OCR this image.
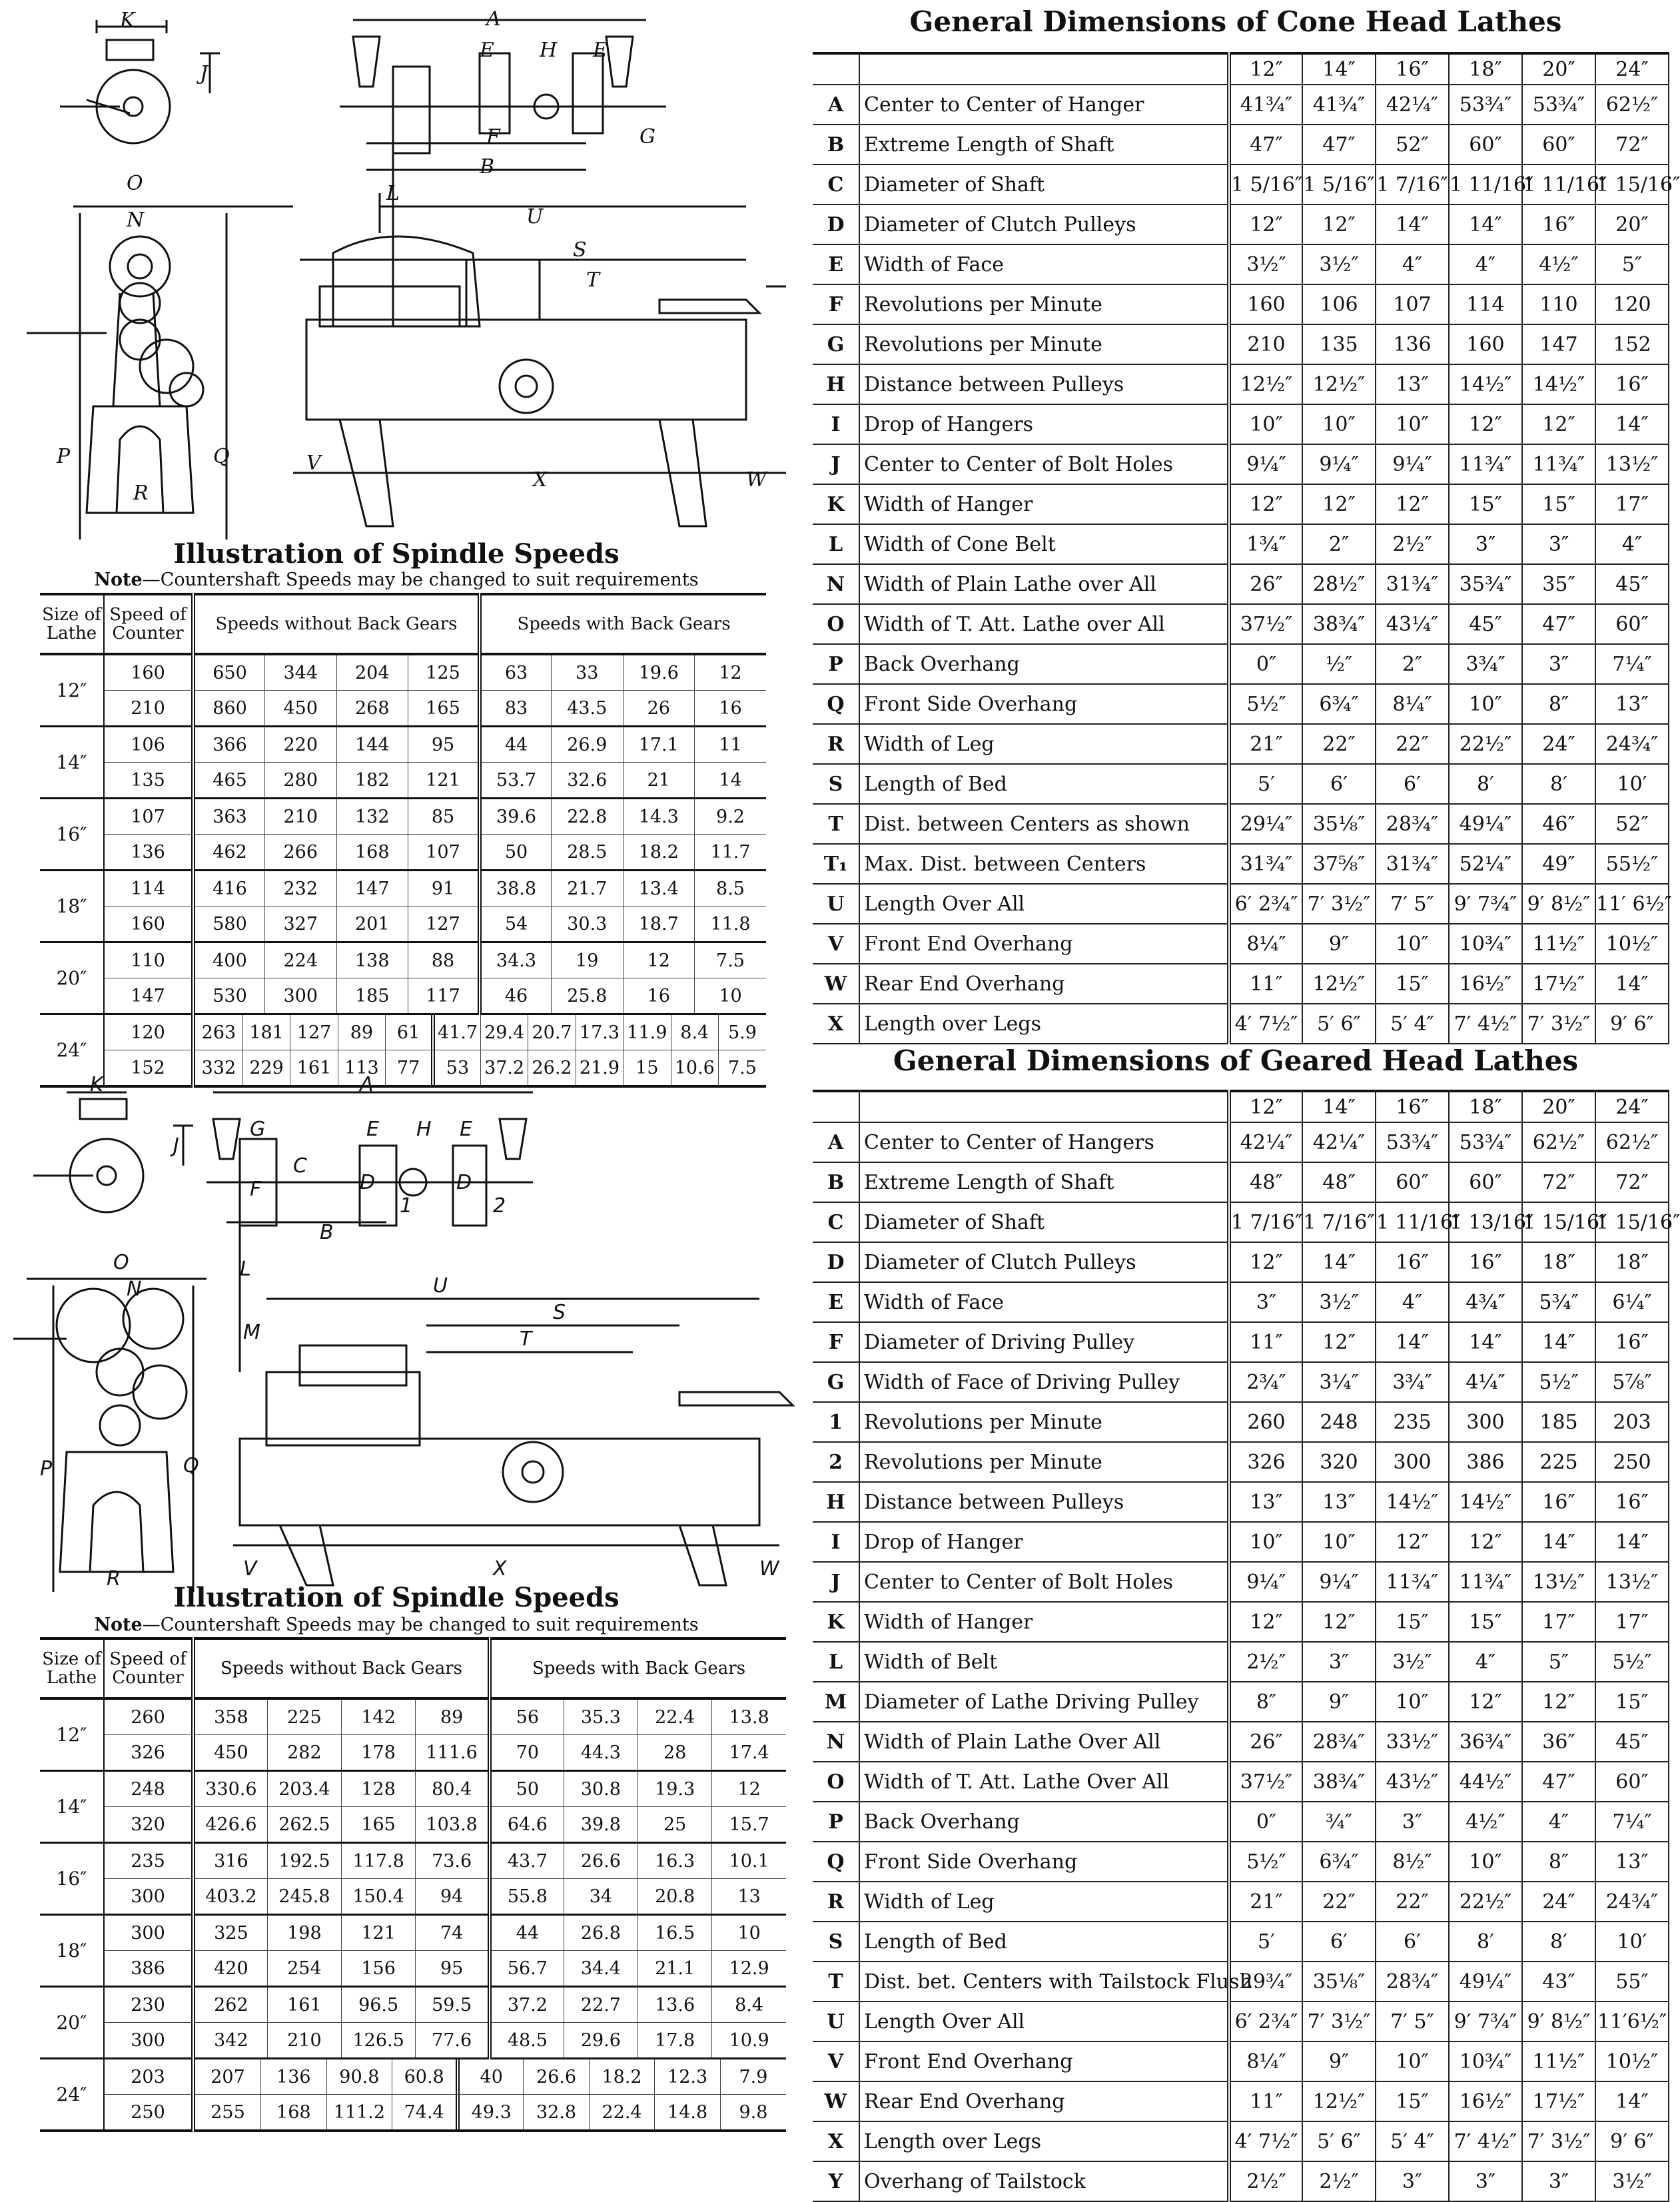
K
J
A
E H E
F	G
O
N
L
B
U
S
T
P	Q
R
V
X	W
Illustration of Spindle Speeds
Note—Countershaft Speeds may be changed to suit requirements
Size of Lathe	Speed of Counter	Speeds without Back Gears	Speeds with Back Gears
12″	160	650	344	204	125	63	33	19.6	12
210	860	450	268	165	83	43.5	26	16
14″	106	366	220	144	95	44	26.9	17.1	11
135	465	280	182	121	53.7	32.6	21	14
16″	107	363	210	132	85	39.6	22.8	14.3	9.2
136	462	266	168	107	50	28.5	18.2	11.7
18″	114	416	232	147	91	38.8	21.7	13.4	8.5
160	580	327	201	127	54	30.3	18.7	11.8
20″	110	400	224	138	88	34.3	19	12	7.5
147	530	300	185	117	46	25.8	16	10
24″	120	263	181	127	89	61	41.7	29.4	20.7	17.3	11.9	8.4	5.9

152	332	229	161	113	77	53	37.2	26.2	21.9	15	10.6	7.5
K
J
A
G	E H E
F
C
D	D
1	2
B
L
O
N	U
S
T
M
P	Q
R	V	X	W
Illustration of Spindle Speeds
Note—Countershaft Speeds may be changed to suit requirements
Size of Lathe	Speed of Counter	Speeds without Back Gears	Speeds with Back Gears
12″	260	358	225	142	89	56	35.3	22.4	13.8
326	450	282	178	111.6	70	44.3	28	17.4
14″	248	330.6	203.4	128	80.4	50	30.8	19.3	12
320	426.6	262.5	165	103.8	64.6	39.8	25	15.7
16″	235	316	192.5	117.8	73.6	43.7	26.6	16.3	10.1
300	403.2	245.8	150.4	94	55.8	34	20.8	13
18″	300	325	198	121	74	44	26.8	16.5	10
386	420	254	156	95	56.7	34.4	21.1	12.9
20″	230	262	161	96.5	59.5	37.2	22.7	13.6	8.4
300	342	210	126.5	77.6	48.5	29.6	17.8	10.9
24″	203		207	136	90.8	60.8	40	26.6	18.2	12.3	7.9

250		255	168	111.2	74.4	49.3	32.8	22.4	14.8	9.8
General Dimensions of Cone Head Lathes
		12″	14″	16″	18″	20″	24″
A	Center to Center of Hanger	41¾″	41¾″	42¼″	53¾″	53¾″	62½″
B	Extreme Length of Shaft	47″	47″	52″	60″	60″	72″
C	Diameter of Shaft	1 5/16″	1 5/16″	1 7/16″	1 11/16″	1 11/16″	1 15/16″
D	Diameter of Clutch Pulleys	12″	12″	14″	14″	16″	20″
E	Width of Face	3½″	3½″	4″	4″	4½″	5″
F	Revolutions per Minute	160	106	107	114	110	120
G	Revolutions per Minute	210	135	136	160	147	152
H	Distance between Pulleys	12½″	12½″	13″	14½″	14½″	16″
I	Drop of Hangers	10″	10″	10″	12″	12″	14″
J	Center to Center of Bolt Holes	9¼″	9¼″	9¼″	11¾″	11¾″	13½″
K	Width of Hanger	12″	12″	12″	15″	15″	17″
L	Width of Cone Belt	1¾″	2″	2½″	3″	3″	4″
N	Width of Plain Lathe over All	26″	28½″	31¾″	35¾″	35″	45″
O	Width of T. Att. Lathe over All	37½″	38¾″	43¼″	45″	47″	60″
P	Back Overhang	0″	½″	2″	3¾″	3″	7¼″
Q	Front Side Overhang	5½″	6¾″	8¼″	10″	8″	13″
R	Width of Leg	21″	22″	22″	22½″	24″	24¾″
S	Length of Bed	5′	6′	6′	8′	8′	10′
T	Dist. between Centers as shown	29¼″	35⅛″	28¾″	49¼″	46″	52″
T₁	Max. Dist. between Centers	31¾″	37⅝″	31¾″	52¼″	49″	55½″
U	Length Over All	6′ 2¾″	7′ 3½″	7′ 5″	9′ 7¾″	9′ 8½″	11′ 6½″
V	Front End Overhang	8¼″	9″	10″	10¾″	11½″	10½″
W	Rear End Overhang	11″	12½″	15″	16½″	17½″	14″
X	Length over Legs	4′ 7½″	5′ 6″	5′ 4″	7′ 4½″	7′ 3½″	9′ 6″
General Dimensions of Geared Head Lathes
		12″	14″	16″	18″	20″	24″
A	Center to Center of Hangers	42¼″	42¼″	53¾″	53¾″	62½″	62½″
B	Extreme Length of Shaft	48″	48″	60″	60″	72″	72″
C	Diameter of Shaft	1 7/16″	1 7/16″	1 11/16″	1 13/16″	1 15/16″	1 15/16″
D	Diameter of Clutch Pulleys	12″	14″	16″	16″	18″	18″
E	Width of Face	3″	3½″	4″	4¾″	5¾″	6¼″
F	Diameter of Driving Pulley	11″	12″	14″	14″	14″	16″
G	Width of Face of Driving Pulley	2¾″	3¼″	3¾″	4¼″	5½″	5⅞″
1	Revolutions per Minute	260	248	235	300	185	203
2	Revolutions per Minute	326	320	300	386	225	250
H	Distance between Pulleys	13″	13″	14½″	14½″	16″	16″
I	Drop of Hanger	10″	10″	12″	12″	14″	14″
J	Center to Center of Bolt Holes	9¼″	9¼″	11¾″	11¾″	13½″	13½″
K	Width of Hanger	12″	12″	15″	15″	17″	17″
L	Width of Belt	2½″	3″	3½″	4″	5″	5½″
M	Diameter of Lathe Driving Pulley	8″	9″	10″	12″	12″	15″
N	Width of Plain Lathe Over All	26″	28¾″	33½″	36¾″	36″	45″
O	Width of T. Att. Lathe Over All	37½″	38¾″	43½″	44½″	47″	60″
P	Back Overhang	0″	¾″	3″	4½″	4″	7¼″
Q	Front Side Overhang	5½″	6¾″	8½″	10″	8″	13″
R	Width of Leg	21″	22″	22″	22½″	24″	24¾″
S	Length of Bed	5′	6′	6′	8′	8′	10′
T	Dist. bet. Centers with Tailstock Flush	29¾″	35⅛″	28¾″	49¼″	43″	55″
U	Length Over All	6′ 2¾″	7′ 3½″	7′ 5″	9′ 7¾″	9′ 8½″	11′6½″
V	Front End Overhang	8¼″	9″	10″	10¾″	11½″	10½″
W	Rear End Overhang	11″	12½″	15″	16½″	17½″	14″
X	Length over Legs	4′ 7½″	5′ 6″	5′ 4″	7′ 4½″	7′ 3½″	9′ 6″
Y	Overhang of Tailstock	2½″	2½″	3″	3″	3″	3½″
